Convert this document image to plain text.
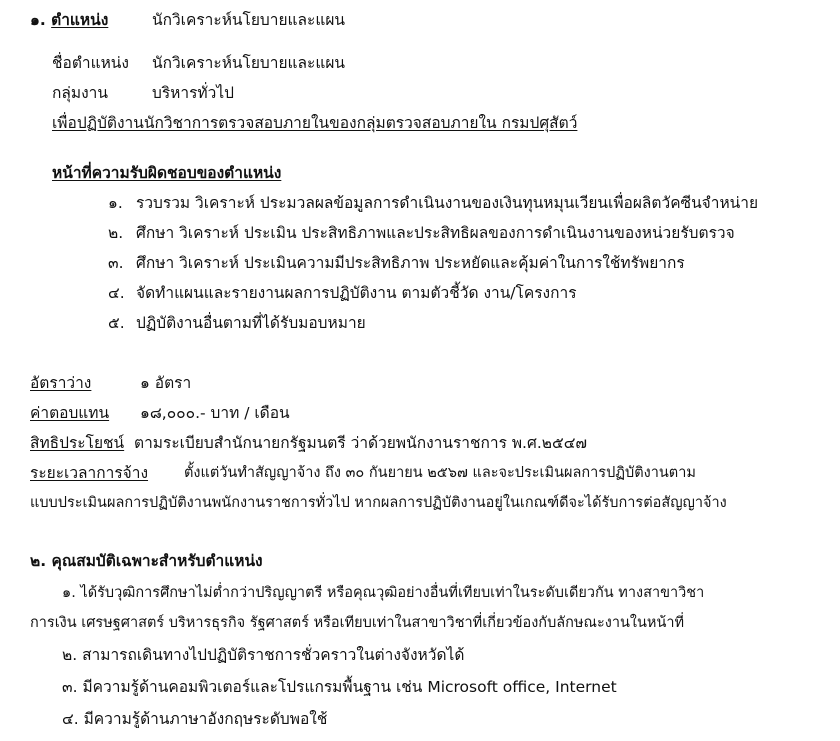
๑. ตำแหน่ง	นักวิเคราะห์นโยบายและแผน
ชื่อตำแหน่ง นักวิเคราะห์นโยบายและแผน
กลุ่มงาน	บริหารทั่วไป
เพื่อปฏิบัติงานนักวิชาการตรวจสอบภายในของกลุ่มตรวจสอบภายใน กรมปศุสัตว์
หน้าที่ความรับผิดชอบของตำแหน่ง
๑. รวบรวม วิเคราะห์ ประมวลผลข้อมูลการดำเนินงานของเงินทุนหมุนเวียนเพื่อผลิตวัคซีนจำหน่าย
๒. ศึกษา วิเคราะห์ ประเมิน ประสิทธิภาพและประสิทธิผลของการดำเนินงานของหน่วยรับตรวจ
๓. ศึกษา วิเคราะห์ ประเมินความมีประสิทธิภาพ ประหยัดและคุ้มค่าในการใช้ทรัพยากร
๔. จัดทำแผนและรายงานผลการปฏิบัติงาน ตามตัวชี้วัด งาน/โครงการ
๕. ปฏิบัติงานอื่นตามที่ได้รับมอบหมาย
อัตราว่าง	๑ อัตรา
ค่าตอบแทน ๑๘,๐๐๐.- บาท / เดือน
สิทธิประโยชน์ ตามระเบียบสำนักนายกรัฐมนตรี ว่าด้วยพนักงานราชการ พ.ศ.๒๕๔๗
ระยะเวลาการจ้าง ตั้งแต่วันทำสัญญาจ้าง ถึง ๓๐ กันยายน ๒๕๖๗ และจะประเมินผลการปฏิบัติงานตาม
แบบประเมินผลการปฏิบัติงานพนักงานราชการทั่วไป หากผลการปฏิบัติงานอยู่ในเกณฑ์ดีจะได้รับการต่อสัญญาจ้าง
๒. คุณสมบัติเฉพาะสำหรับตำแหน่ง
๑. ได้รับวุฒิการศึกษาไม่ต่ำกว่าปริญญาตรี หรือคุณวุฒิอย่างอื่นที่เทียบเท่าในระดับเดียวกัน ทางสาขาวิชา
การเงิน เศรษฐศาสตร์ บริหารธุรกิจ รัฐศาสตร์ หรือเทียบเท่าในสาขาวิชาที่เกี่ยวข้องกับลักษณะงานในหน้าที่
๒. สามารถเดินทางไปปฏิบัติราชการชั่วคราวในต่างจังหวัดได้
๓. มีความรู้ด้านคอมพิวเตอร์และโปรแกรมพื้นฐาน เช่น Microsoft office, Internet
๔. มีความรู้ด้านภาษาอังกฤษระดับพอใช้
